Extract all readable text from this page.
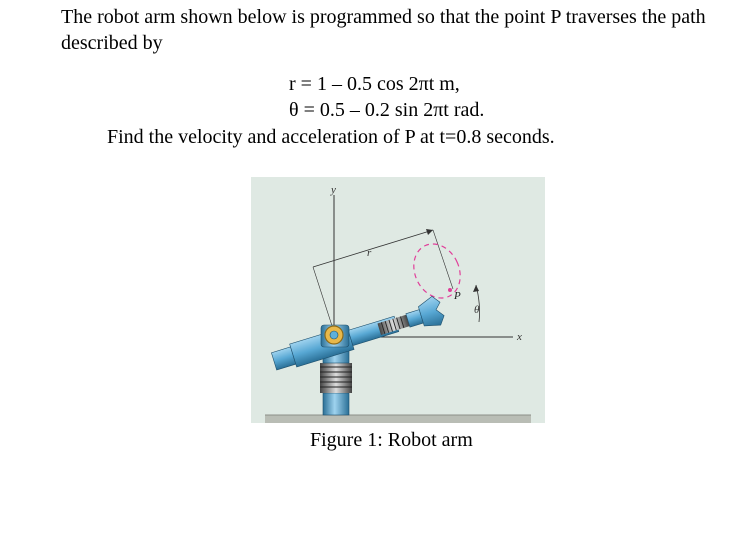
The robot arm shown below is programmed so that the point P traverses the path described by

r = 1 – 0.5 cos 2πt m,
θ = 0.5 – 0.2 sin 2πt rad.
Find the velocity and acceleration of P at t=0.8 seconds.
y
x
r
θ
P
Figure 1: Robot arm
